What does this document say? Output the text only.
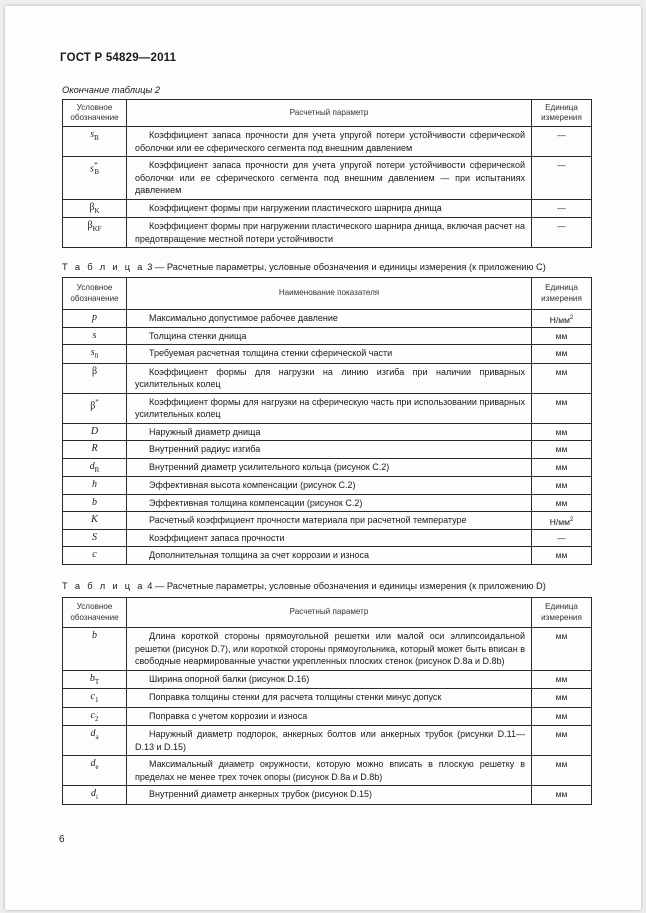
ГОСТ Р 54829—2011
Окончание таблицы 2
Условное обозначение	Расчетный параметр	Единица измерения
$s_B$	Коэффициент запаса прочности для учета упругой потери устойчивости сферической оболочки или ее сферического сегмента под внешним давлением	—
$s^*_B$	Коэффициент запаса прочности для учета упругой потери устойчивости сферической оболочки или ее сферического сегмента под внешним давлением — при испытаниях давлением	—
$\beta_K$	Коэффициент формы при нагружении пластического шарнира днища	—
$\beta_{KF}$	Коэффициент формы при нагружении пластического шарнира днища, включая расчет на предотвращение местной потери устойчивости	—
Т а б л и ц а 3 — Расчетные параметры, условные обозначения и единицы измерения (к приложению С)
Условное обозначение	Наименование показателя	Единица измерения
p	Максимально допустимое рабочее давление	$Н/мм^2$
s	Толщина стенки днища	мм
$s_0$	Требуемая расчетная толщина стенки сферической части	мм
β	Коэффициент формы для нагрузки на линию изгиба при наличии приварных усилительных колец	мм
β*	Коэффициент формы для нагрузки на сферическую часть при использовании приварных усилительных колец	мм
D	Наружный диаметр днища	мм
R	Внутренний радиус изгиба	мм
$d_R$	Внутренний диаметр усилительного кольца (рисунок С.2)	мм
h	Эффективная высота компенсации (рисунок С.2)	мм
b	Эффективная толщина компенсации (рисунок С.2)	мм
K	Расчетный коэффициент прочности материала при расчетной температуре	$Н/мм^2$
S	Коэффициент запаса прочности	—
c	Дополнительная толщина за счет коррозии и износа	мм
Т а б л и ц а 4 — Расчетные параметры, условные обозначения и единицы измерения (к приложению D)
Условное обозначение	Расчетный параметр	Единица измерения
b	Длина короткой стороны прямоугольной решетки или малой оси эллипсоидальной решетки (рисунок D.7), или короткой стороны прямоугольника, который может быть вписан в свободные неармированные участки укрепленных плоских стенок (рисунок D.8a и D.8b)	мм
$b_T$	Ширина опорной балки (рисунок D.16)	мм
$c_1$	Поправка толщины стенки для расчета толщины стенки минус допуск	мм
$c_2$	Поправка с учетом коррозии и износа	мм
$d_a$	Наружный диаметр подпорок, анкерных болтов или анкерных трубок (рисунки D.11—D.13 и D.15)	мм
$d_e$	Максимальный диаметр окружности, которую можно вписать в плоскую решетку в пределах не менее трех точек опоры (рисунок D.8a и D.8b)	мм
$d_i$	Внутренний диаметр анкерных трубок (рисунок D.15)	мм
6
